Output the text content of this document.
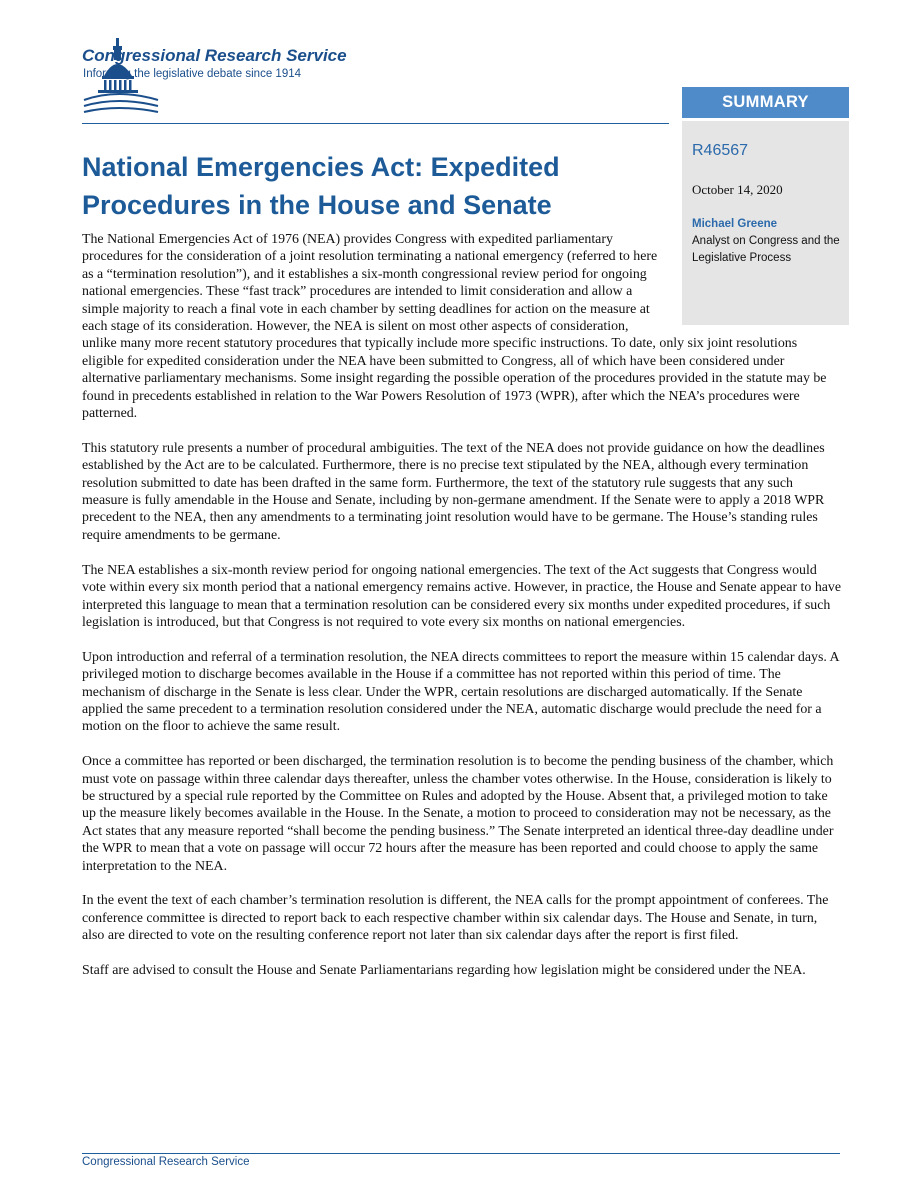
Congressional Research Service
Informing the legislative debate since 1914
SUMMARY
R46567
October 14, 2020
Michael Greene
Analyst on Congress and the Legislative Process
National Emergencies Act: Expedited Procedures in the House and Senate

The National Emergencies Act of 1976 (NEA) provides Congress with expedited parliamentary procedures for the consideration of a joint resolution terminating a national emergency (referred to here as a “termination resolution”), and it establishes a six-month congressional review period for ongoing national emergencies. These “fast track” procedures are intended to limit consideration and allow a simple majority to reach a final vote in each chamber by setting deadlines for action on the measure at each stage of its consideration. However, the NEA is silent on most other aspects of consideration, unlike many more recent statutory procedures that typically include more specific instructions. To date, only six joint resolutions eligible for expedited consideration under the NEA have been submitted to Congress, all of which have been considered under alternative parliamentary mechanisms. Some insight regarding the possible operation of the procedures provided in the statute may be found in precedents established in relation to the War Powers Resolution of 1973 (WPR), after which the NEA’s procedures were patterned.

This statutory rule presents a number of procedural ambiguities. The text of the NEA does not provide guidance on how the deadlines established by the Act are to be calculated. Furthermore, there is no precise text stipulated by the NEA, although every termination resolution submitted to date has been drafted in the same form. Furthermore, the text of the statutory rule suggests that any such measure is fully amendable in the House and Senate, including by non-germane amendment. If the Senate were to apply a 2018 WPR precedent to the NEA, then any amendments to a terminating joint resolution would have to be germane. The House’s standing rules require amendments to be germane.

The NEA establishes a six-month review period for ongoing national emergencies. The text of the Act suggests that Congress would vote within every six month period that a national emergency remains active. However, in practice, the House and Senate appear to have interpreted this language to mean that a termination resolution can be considered every six months under expedited procedures, if such legislation is introduced, but that Congress is not required to vote every six months on national emergencies.

Upon introduction and referral of a termination resolution, the NEA directs committees to report the measure within 15 calendar days. A privileged motion to discharge becomes available in the House if a committee has not reported within this period of time. The mechanism of discharge in the Senate is less clear. Under the WPR, certain resolutions are discharged automatically. If the Senate applied the same precedent to a termination resolution considered under the NEA, automatic discharge would preclude the need for a motion on the floor to achieve the same result.

Once a committee has reported or been discharged, the termination resolution is to become the pending business of the chamber, which must vote on passage within three calendar days thereafter, unless the chamber votes otherwise. In the House, consideration is likely to be structured by a special rule reported by the Committee on Rules and adopted by the House. Absent that, a privileged motion to take up the measure likely becomes available in the House. In the Senate, a motion to proceed to consideration may not be necessary, as the Act states that any measure reported “shall become the pending business.” The Senate interpreted an identical three-day deadline under the WPR to mean that a vote on passage will occur 72 hours after the measure has been reported and could choose to apply the same interpretation to the NEA.

In the event the text of each chamber’s termination resolution is different, the NEA calls for the prompt appointment of conferees. The conference committee is directed to report back to each respective chamber within six calendar days. The House and Senate, in turn, also are directed to vote on the resulting conference report not later than six calendar days after the report is first filed.

Staff are advised to consult the House and Senate Parliamentarians regarding how legislation might be considered under the NEA.

Congressional Research Service
